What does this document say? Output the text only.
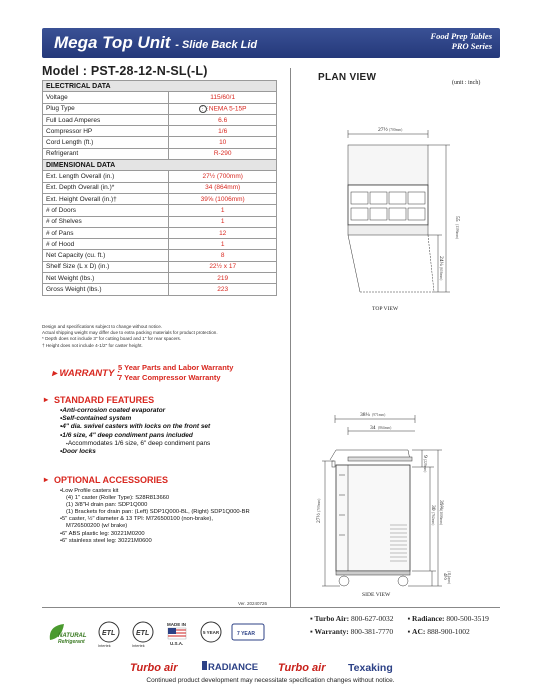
Mega Top Unit - Slide Back Lid
Food Prep Tables
PRO Series
Model : PST-28-12-N-SL(-L)
ELECTRICAL DATA	
Voltage	115/60/1
Plug Type	⋮⋮NEMA 5-15P
Full Load Amperes	6.6
Compressor HP	1/6
Cord Length (ft.)	10
Refrigerant	R-290
DIMENSIONAL DATA	
Ext. Length Overall (in.)	27½ (700mm)
Ext. Depth Overall (in.)*	34 (864mm)
Ext. Height Overall (in.)†	39⅝ (1006mm)
# of Doors	1
# of Shelves	1
# of Pans	12
# of Hood	1
Net Capacity (cu. ft.)	8
Shelf Size (L x D) (in.)	22½ x 17
Net Weight (lbs.)	219
Gross Weight (lbs.)	223
Design and specifications subject to change without notice.
Actual shipping weight may differ due to extra packing materials for product protection.
* Depth does not include 3" for cutting board and 1" for rear spacers.
† Height does not include 4-1/2" for caster height.
▸ WARRANTY :
5 Year Parts and Labor Warranty
7 Year Compressor Warranty
▸ STANDARD FEATURES
• Anti-corrosion coated evaporator
• Self-contained system
• 4" dia. swivel casters with locks on the front set
• 1/6 size, 4" deep condiment pans included
⬩ Accommodates 1/6 size, 6" deep condiment pans
• Door locks
▸ OPTIONAL ACCESSORIES
• Low Profile casters kit
(4) 1" caster (Roller Type): S28R813660
(1) 3/8"H drain pan: SDP1Q000
(1) Brackets for drain pan: (Left) SDP1Q000-BL, (Right) SDP1Q000-BR
• 5" caster, ½" diameter & 13 TPI: M726500100 (non-brake),
M726500200 (w/ brake)
• 6" ABS plastic leg: 30221M0200
• 6" stainless steel leg: 30221M0600
Ver. 20240726
PLAN VIEW	(unit : inch)
27½ (700mm)
55
(1396mm)
24¼
(616mm)
TOP VIEW
38¼ (971mm)
34 (864mm)
27½
(700mm)
9
(229mm)
30
(762mm)
39⅝
(1006mm)
4½ (114mm)
SIDE VIEW
NATURAL
Refrigerant
ETL
Intertek
ETL
Intertek
MADE IN
U.S.A.
5 YEAR	7 YEAR
▪ Turbo Air: 800-627-0032	▪ Radiance: 800-500-3519
▪ Warranty: 800-381-7770	▪ AC: 888-900-1002
Turbo air	RADIANCE Turbo air Texaking
Continued product development may necessitate specification changes without notice.
